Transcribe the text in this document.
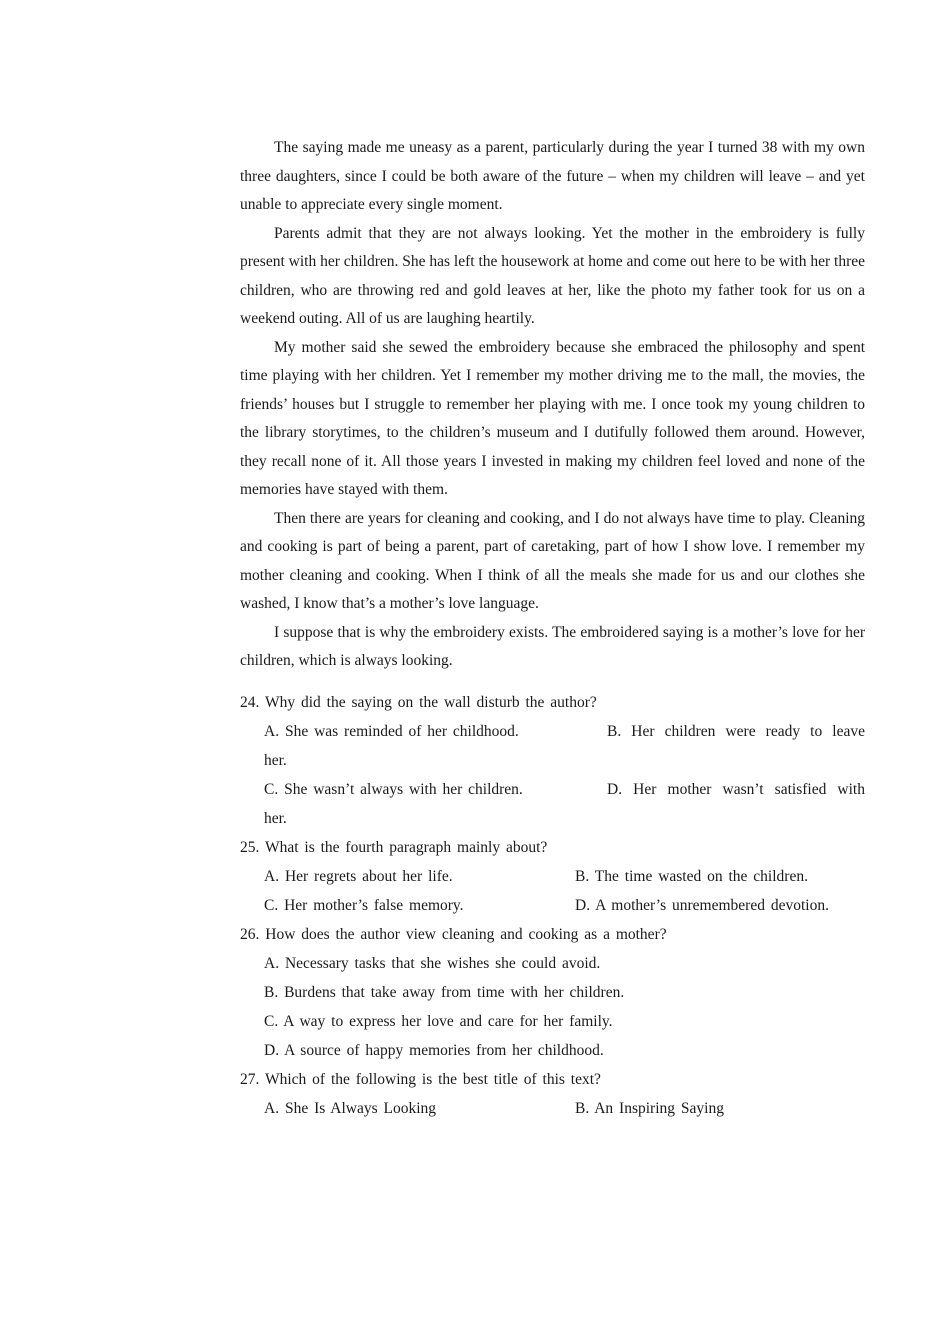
The saying made me uneasy as a parent, particularly during the year I turned 38 with my own three daughters, since I could be both aware of the future – when my children will leave – and yet unable to appreciate every single moment.

Parents admit that they are not always looking. Yet the mother in the embroidery is fully present with her children. She has left the housework at home and come out here to be with her three children, who are throwing red and gold leaves at her, like the photo my father took for us on a weekend outing. All of us are laughing heartily.

My mother said she sewed the embroidery because she embraced the philosophy and spent time playing with her children. Yet I remember my mother driving me to the mall, the movies, the friends’ houses but I struggle to remember her playing with me. I once took my young children to the library storytimes, to the children’s museum and I dutifully followed them around. However, they recall none of it. All those years I invested in making my children feel loved and none of the memories have stayed with them.

Then there are years for cleaning and cooking, and I do not always have time to play. Cleaning and cooking is part of being a parent, part of caretaking, part of how I show love. I remember my mother cleaning and cooking. When I think of all the meals she made for us and our clothes she washed, I know that’s a mother’s love language.

I suppose that is why the embroidery exists. The embroidered saying is a mother’s love for her children, which is always looking.

24. Why did the saying on the wall disturb the author?

A. She was reminded of her childhood.	B. Her children were ready to leave her.
C. She wasn’t always with her children.	D. Her mother wasn’t satisfied with her.

25. What is the fourth paragraph mainly about?

A. Her regrets about her life.	B. The time wasted on the children.
C. Her mother’s false memory.	D. A mother’s unremembered devotion.

26. How does the author view cleaning and cooking as a mother?

A. Necessary tasks that she wishes she could avoid.
B. Burdens that take away from time with her children.
C. A way to express her love and care for her family.
D. A source of happy memories from her childhood.

27. Which of the following is the best title of this text?

A. She Is Always Looking	B. An Inspiring Saying
